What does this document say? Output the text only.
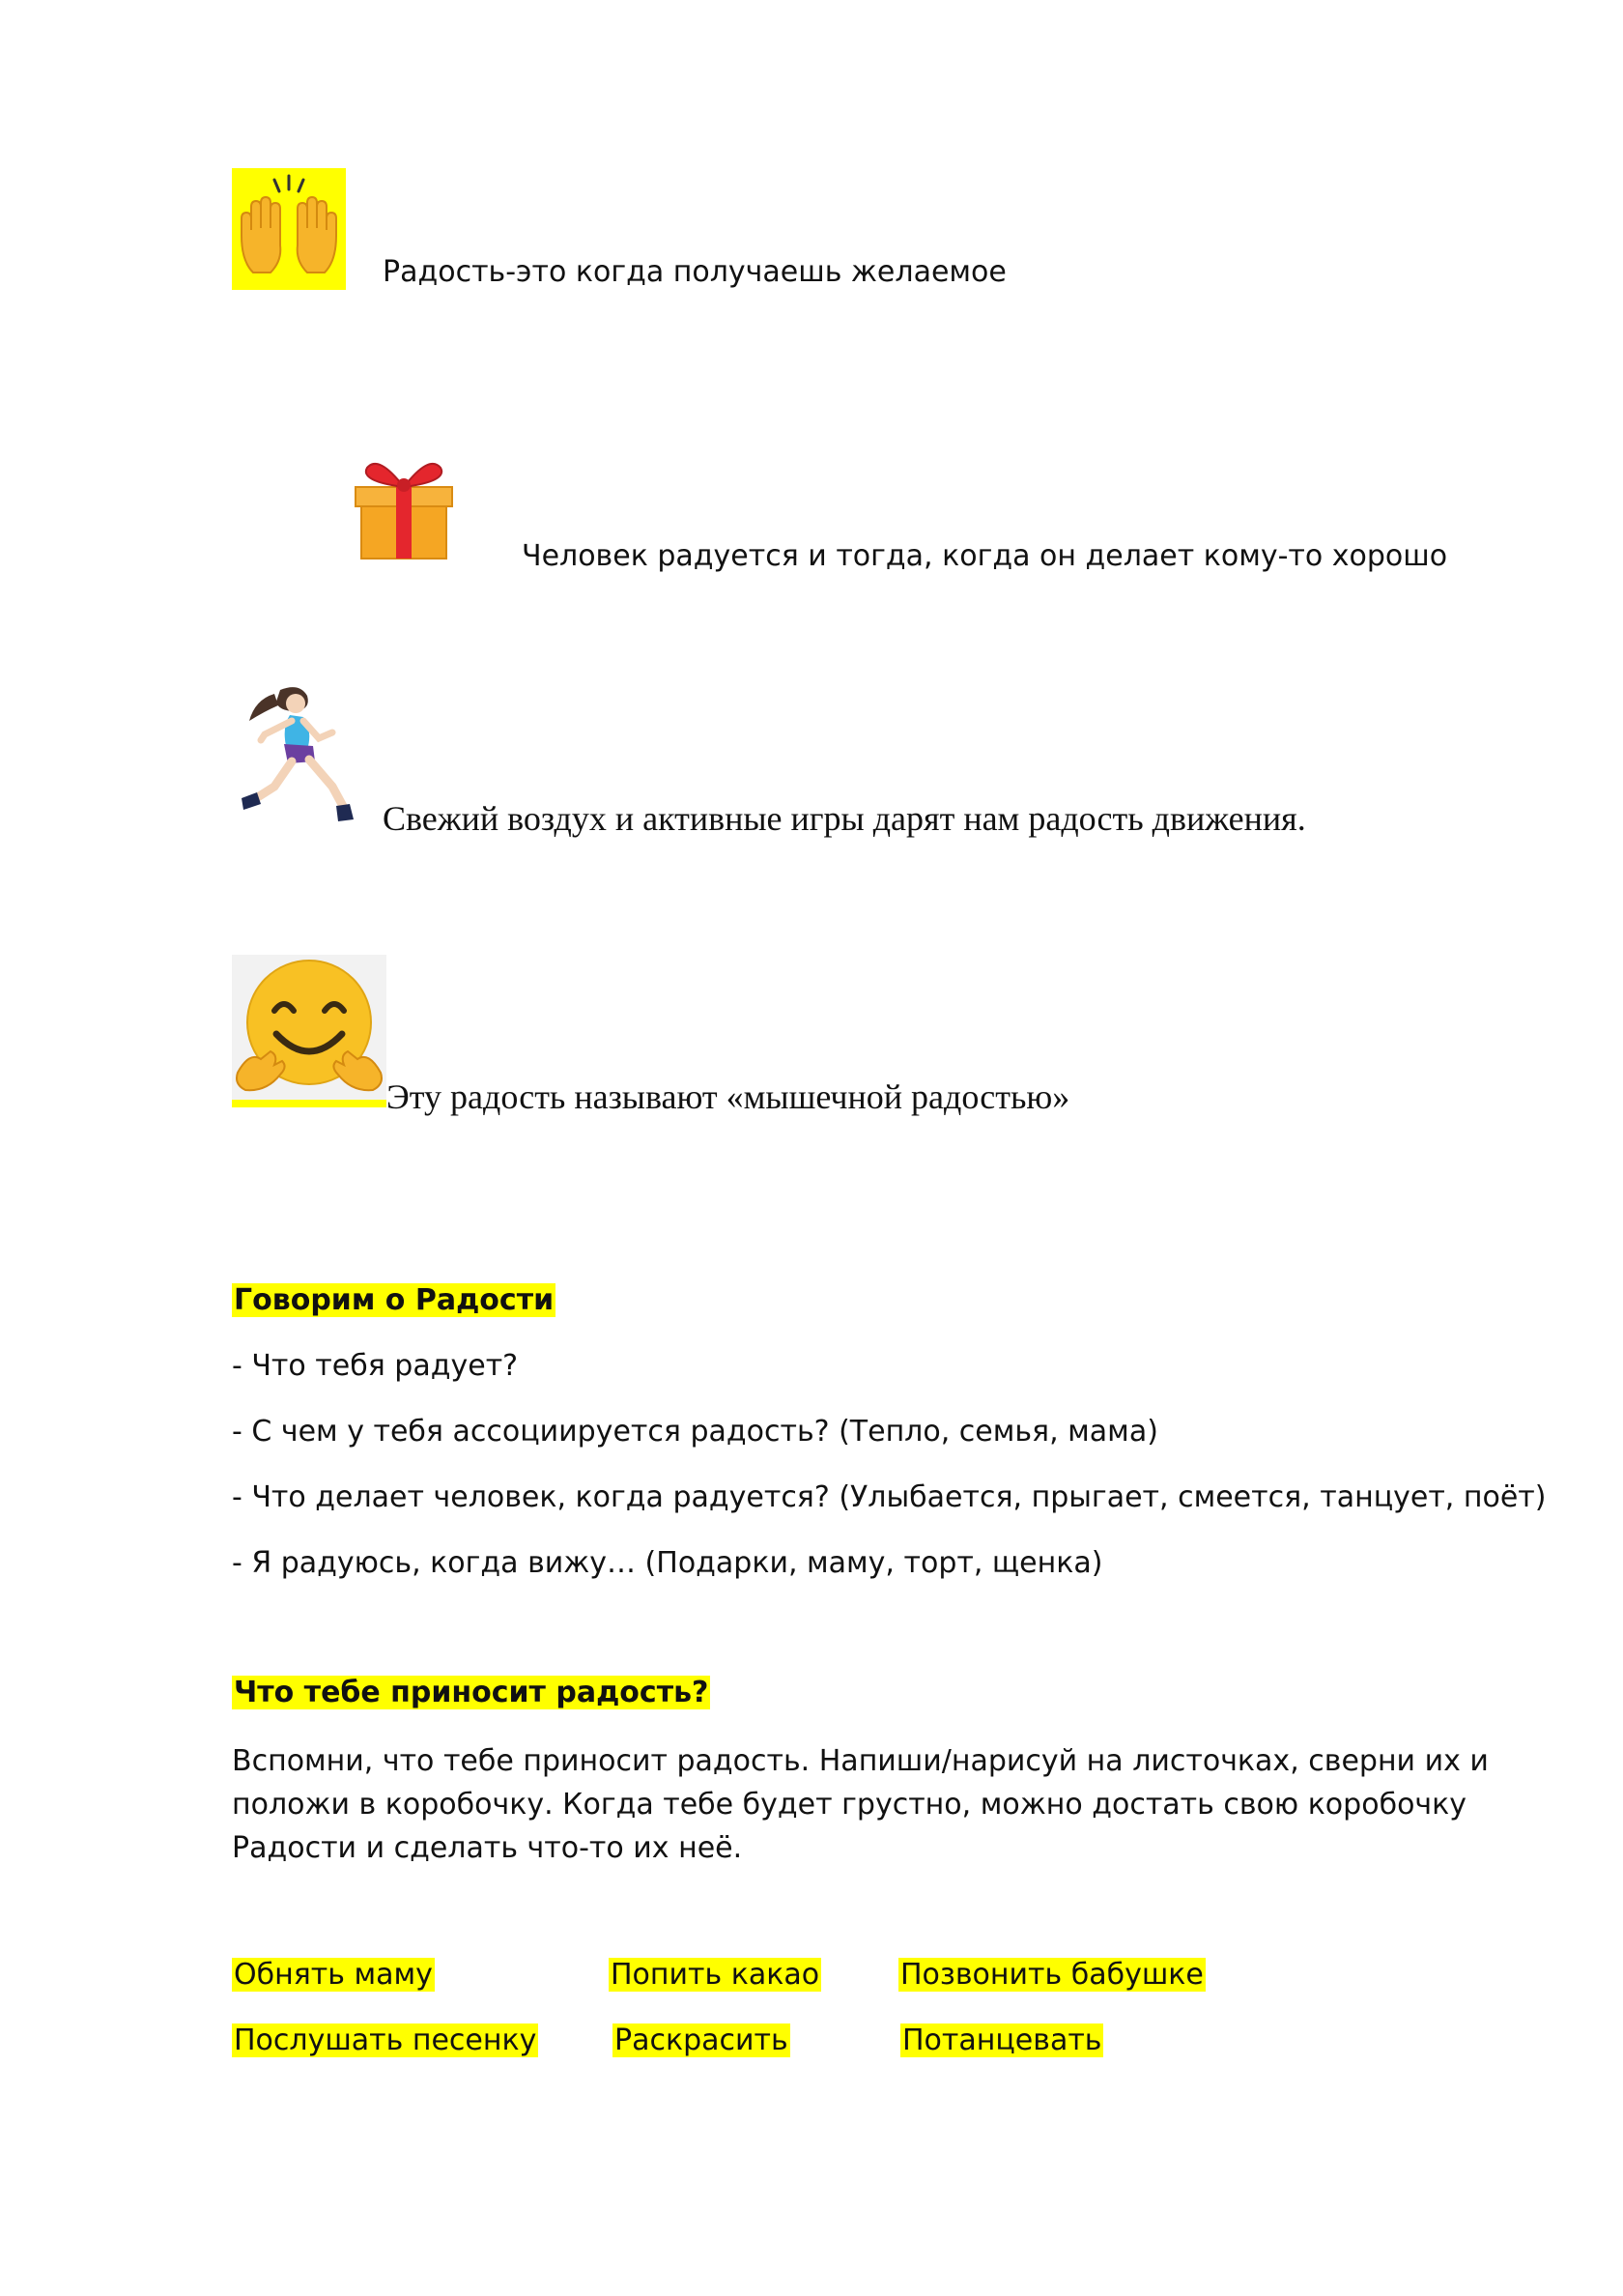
Радость-это когда получаешь желаемое
Человек радуется и тогда, когда он делает кому-то хорошо
Свежий воздух и активные игры дарят нам радость движения.
Эту радость называют «мышечной радостью»
Говорим о Радости
- Что тебя радует?
- С чем у тебя ассоциируется радость? (Тепло, семья, мама)
- Что делает человек, когда радуется? (Улыбается, прыгает, смеется, танцует, поёт)
- Я радуюсь, когда вижу… (Подарки, маму, торт, щенка)
Что тебе приносит радость?
Вспомни, что тебе приносит радость. Напиши/нарисуй на листочках, сверни их и положи в коробочку. Когда тебе будет грустно, можно достать свою коробочку Радости и сделать что-то их неё.
Обнять маму	Попить какао	Позвонить бабушке
Послушать песенку	Раскрасить	Потанцевать
